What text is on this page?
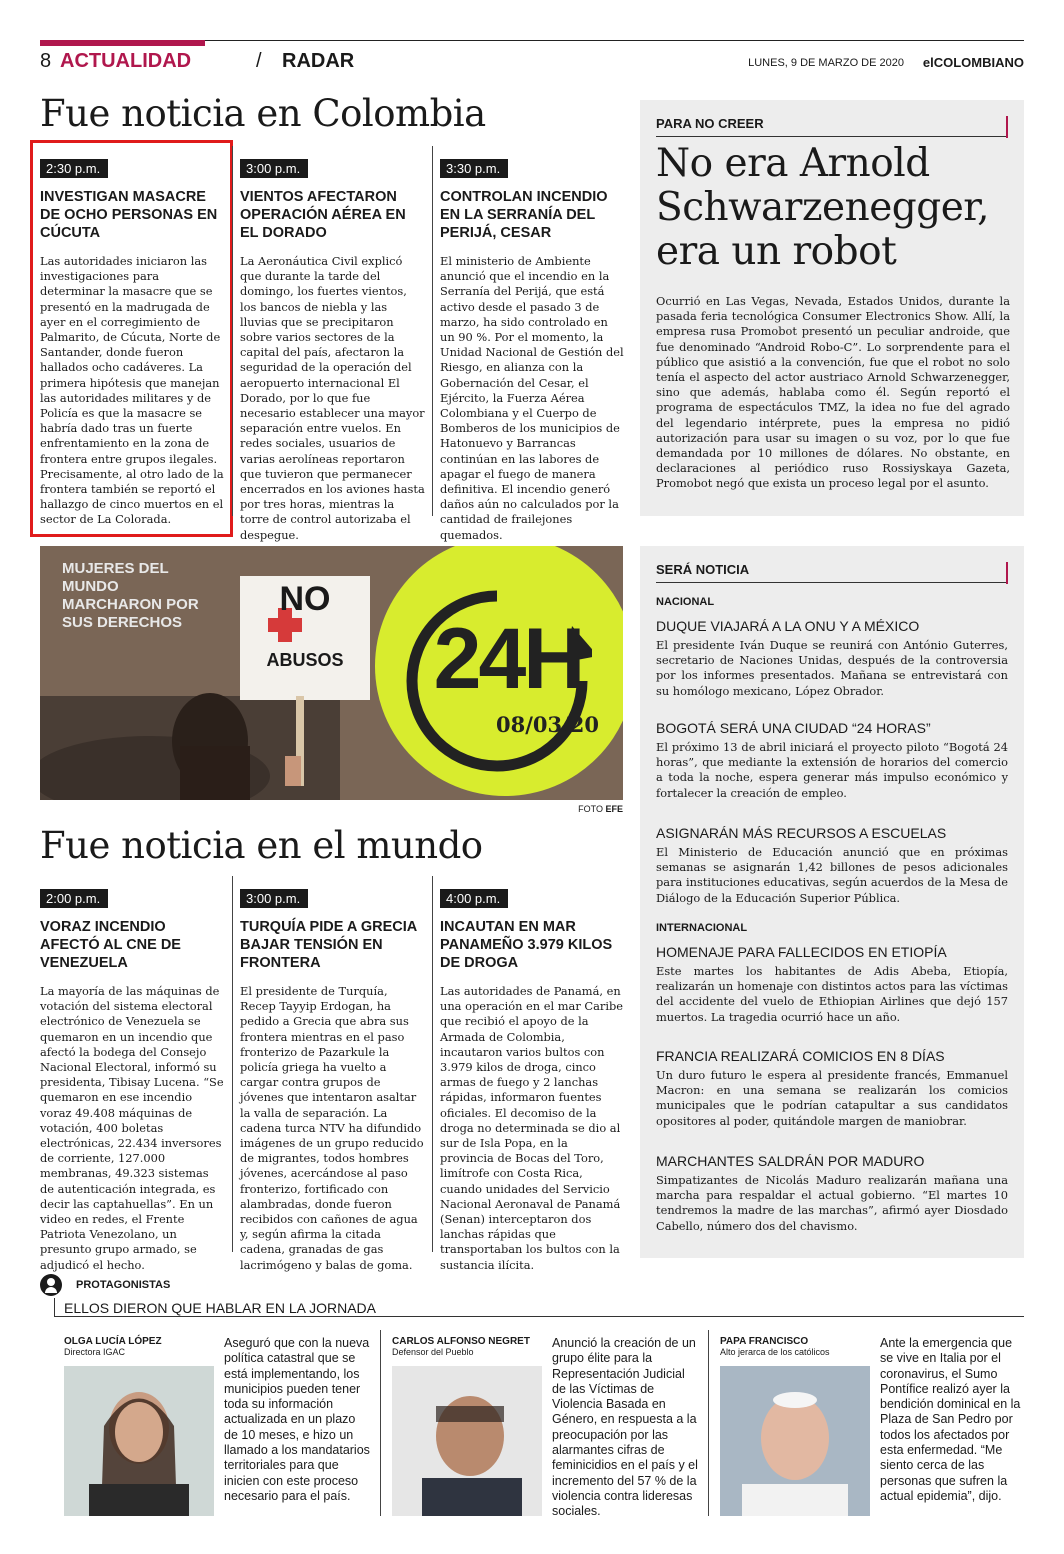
8 ACTUALIDAD	/ RADAR	LUNES, 9 DE MARZO DE 2020 elCOLOMBIANO
Fue noticia en Colombia
2:30 p.m.
INVESTIGAN MASACRE DE OCHO PERSONAS EN CÚCUTA
Las autoridades iniciaron las investigaciones para determinar la masacre que se presentó en la madrugada de ayer en el corregimiento de Palmarito, de Cúcuta, Norte de Santander, donde fueron hallados ocho cadáveres. La primera hipótesis que manejan las autoridades militares y de Policía es que la masacre se habría dado tras un fuerte enfrentamiento en la zona de frontera entre grupos ilegales. Precisamente, al otro lado de la frontera también se reportó el hallazgo de cinco muertos en el sector de La Colorada.
3:00 p.m.
VIENTOS AFECTARON OPERACIÓN AÉREA EN EL DORADO
La Aeronáutica Civil explicó que durante la tarde del domingo, los fuertes vientos, los bancos de niebla y las lluvias que se precipitaron sobre varios sectores de la capital del país, afectaron la seguridad de la operación del aeropuerto internacional El Dorado, por lo que fue necesario establecer una mayor separación entre vuelos. En redes sociales, usuarios de varias aerolíneas reportaron que tuvieron que permanecer encerrados en los aviones hasta por tres horas, mientras la torre de control autorizaba el despegue.
3:30 p.m.
CONTROLAN INCENDIO EN LA SERRANÍA DEL PERIJÁ, CESAR
El ministerio de Ambiente anunció que el incendio en la Serranía del Perijá, que está activo desde el pasado 3 de marzo, ha sido controlado en un 90 %. Por el momento, la Unidad Nacional de Gestión del Riesgo, en alianza con la Gobernación del Cesar, el Ejército, la Fuerza Aérea Colombiana y el Cuerpo de Bomberos de los municipios de Hatonuevo y Barrancas continúan en las labores de apagar el fuego de manera definitiva. El incendio generó daños aún no calculados por la cantidad de frailejones quemados.
PARA NO CREER
No era Arnold Schwarzenegger, era un robot
Ocurrió en Las Vegas, Nevada, Estados Unidos, durante la pasada feria tecnológica Consumer Electronics Show. Allí, la empresa rusa Promobot presentó un peculiar androide, que fue denominado “Android Robo-C”. Lo sorprendente para el público que asistió a la convención, fue que el robot no solo tenía el aspecto del actor austriaco Arnold Schwarzenegger, sino que además, hablaba como él. Según reportó el programa de espectáculos TMZ, la idea no fue del agrado del legendario intérprete, pues la empresa no pidió autorización para usar su imagen o su voz, por lo que fue demandada por 10 millones de dólares. No obstante, en declaraciones al periódico ruso Rossiyskaya Gazeta, Promobot negó que exista un proceso legal por el asunto.
MUJERES DEL MUNDO MARCHARON POR SUS DERECHOS
NO
ABUSOS 24H
08/03/20
FOTO EFE
Fue noticia en el mundo
2:00 p.m.
VORAZ INCENDIO AFECTÓ AL CNE DE VENEZUELA
La mayoría de las máquinas de votación del sistema electoral electrónico de Venezuela se quemaron en un incendio que afectó la bodega del Consejo Nacional Electoral, informó su presidenta, Tibisay Lucena. “Se quemaron en ese incendio voraz 49.408 máquinas de votación, 400 boletas electrónicas, 22.434 inversores de corriente, 127.000 membranas, 49.323 sistemas de autenticación integrada, es decir las captahuellas”. En un video en redes, el Frente Patriota Venezolano, un presunto grupo armado, se adjudicó el hecho.
3:00 p.m.
TURQUÍA PIDE A GRECIA BAJAR TENSIÓN EN FRONTERA
El presidente de Turquía, Recep Tayyip Erdogan, ha pedido a Grecia que abra sus frontera mientras en el paso fronterizo de Pazarkule la policía griega ha vuelto a cargar contra grupos de jóvenes que intentaron asaltar la valla de separación. La cadena turca NTV ha difundido imágenes de un grupo reducido de migrantes, todos hombres jóvenes, acercándose al paso fronterizo, fortificado con alambradas, donde fueron recibidos con cañones de agua y, según afirma la citada cadena, granadas de gas lacrimógeno y balas de goma.
4:00 p.m.
INCAUTAN EN MAR PANAMEÑO 3.979 KILOS DE DROGA
Las autoridades de Panamá, en una operación en el mar Caribe que recibió el apoyo de la Armada de Colombia, incautaron varios bultos con 3.979 kilos de droga, cinco armas de fuego y 2 lanchas rápidas, informaron fuentes oficiales. El decomiso de la droga no determinada se dio al sur de Isla Popa, en la provincia de Bocas del Toro, limítrofe con Costa Rica, cuando unidades del Servicio Nacional Aeronaval de Panamá (Senan) interceptaron dos lanchas rápidas que transportaban los bultos con la sustancia ilícita.
SERÁ NOTICIA
NACIONAL
DUQUE VIAJARÁ A LA ONU Y A MÉXICO
El presidente Iván Duque se reunirá con António Guterres, secretario de Naciones Unidas, después de la controversia por los informes presentados. Mañana se entrevistará con su homólogo mexicano, López Obrador.
BOGOTÁ SERÁ UNA CIUDAD “24 HORAS”
El próximo 13 de abril iniciará el proyecto piloto “Bogotá 24 horas”, que mediante la extensión de horarios del comercio a toda la noche, espera generar más impulso económico y fortalecer la creación de empleo.
ASIGNARÁN MÁS RECURSOS A ESCUELAS
El Ministerio de Educación anunció que en próximas semanas se asignarán 1,42 billones de pesos adicionales para instituciones educativas, según acuerdos de la Mesa de Diálogo de la Educación Superior Pública.
INTERNACIONAL
HOMENAJE PARA FALLECIDOS EN ETIOPÍA
Este martes los habitantes de Adis Abeba, Etiopía, realizarán un homenaje con distintos actos para las víctimas del accidente del vuelo de Ethiopian Airlines que dejó 157 muertos. La tragedia ocurrió hace un año.
FRANCIA REALIZARÁ COMICIOS EN 8 DÍAS
Un duro futuro le espera al presidente francés, Emmanuel Macron: en una semana se realizarán los comicios municipales que le podrían catapultar a sus candidatos opositores al poder, quitándole margen de maniobrar.
MARCHANTES SALDRÁN POR MADURO
Simpatizantes de Nicolás Maduro realizarán mañana una marcha para respaldar el actual gobierno. “El martes 10 tendremos la madre de las marchas”, afirmó ayer Diosdado Cabello, número dos del chavismo.
PROTAGONISTAS
ELLOS DIERON QUE HABLAR EN LA JORNADA
OLGA LUCÍA LÓPEZ
Directora IGAC
Aseguró que con la nueva política catastral que se está implementando, los municipios pueden tener toda su información actualizada en un plazo de 10 meses, e hizo un llamado a los mandatarios territoriales para que inicien con este proceso necesario para el país.
CARLOS ALFONSO NEGRET
Defensor del Pueblo
Anunció la creación de un grupo élite para la Representación Judicial de las Víctimas de Violencia Basada en Género, en respuesta a la preocupación por las alarmantes cifras de feminicidios en el país y el incremento del 57 % de la violencia contra lideresas sociales.
PAPA FRANCISCO
Alto jerarca de los católicos
Ante la emergencia que se vive en Italia por el coronavirus, el Sumo Pontífice realizó ayer la bendición dominical en la Plaza de San Pedro por todos los afectados por esta enfermedad. “Me siento cerca de las personas que sufren la actual epidemia”, dijo.
